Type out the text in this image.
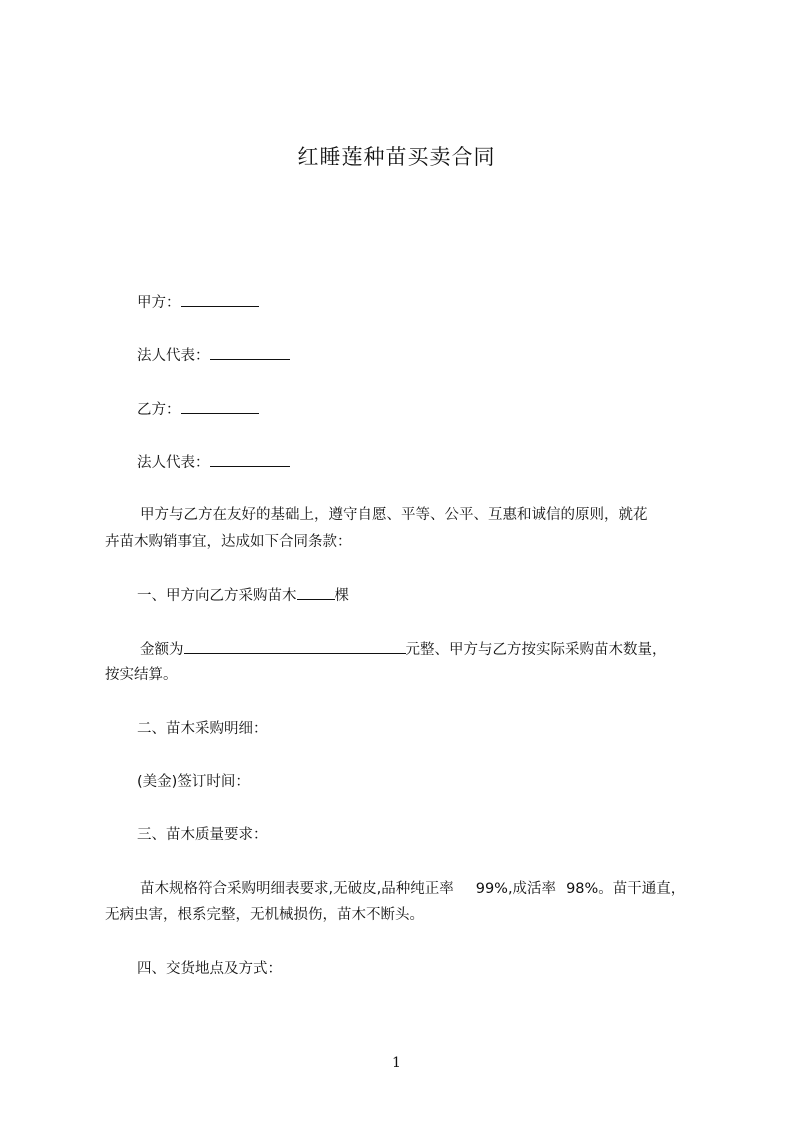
红睡莲种苗买卖合同
甲方：
法人代表：
乙方：
法人代表：
甲方与乙方在友好的基础上，遵守自愿、平等、公平、互惠和诚信的原则，就花
卉苗木购销事宜，达成如下合同条款：
一、甲方向乙方采购苗木	棵
金额为	元整、甲方与乙方按实际采购苗木数量，
按实结算。
二、苗木采购明细：
(美金)签订时间：
三、苗木质量要求：
苗木规格符合采购明细表要求,无破皮,品种纯正率 99%,成活率 98%。苗干通直，
无病虫害，根系完整，无机械损伤，苗木不断头。
四、交货地点及方式：
1
